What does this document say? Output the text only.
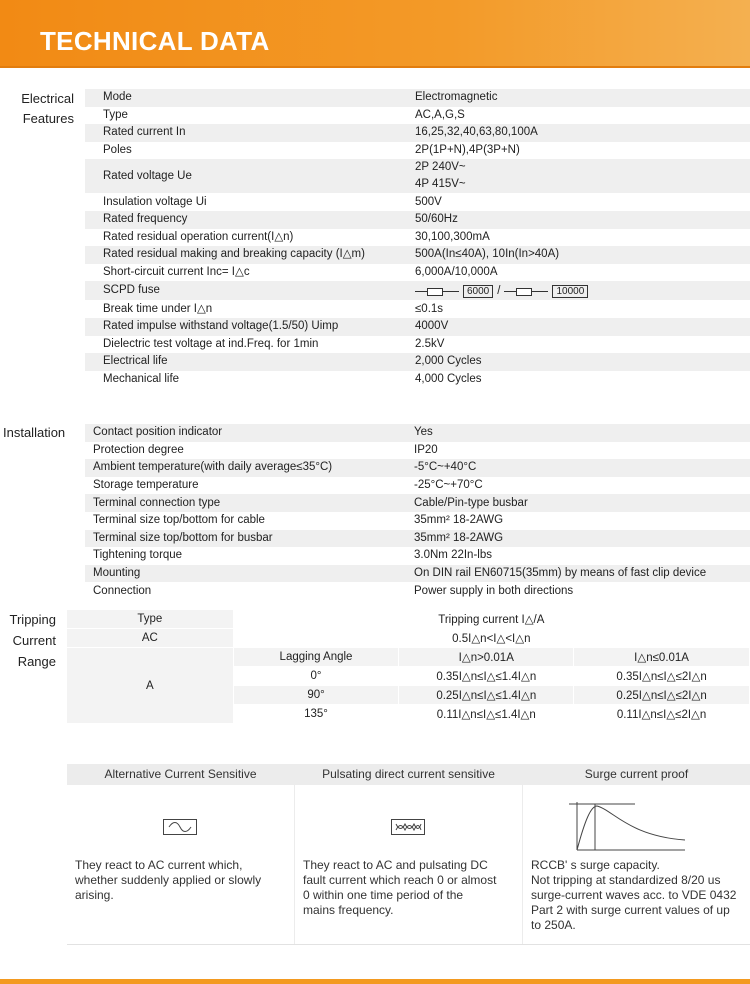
TECHNICAL DATA
Electrical
Features
Mode	Electromagnetic
Type	AC,A,G,S
Rated current In	16,25,32,40,63,80,100A
Poles	2P(1P+N),4P(3P+N)
Rated voltage Ue	2P 240V~
4P 415V~

Insulation voltage Ui	500V
Rated frequency	50/60Hz
Rated residual operation current(I△n)	30,100,300mA
Rated residual making and breaking capacity (I△m)	500A(In≤40A), 10In(In>40A)
Short-circuit current Inc= I△c	6,000A/10,000A
SCPD fuse	6000 / 10000

Break time under I△n	≤0.1s
Rated impulse withstand voltage(1.5/50) Uimp	4000V
Dielectric test voltage at ind.Freq. for 1min	2.5kV
Electrical life	2,000 Cycles
Mechanical life	4,000 Cycles
Installation Contact position indicator	Yes
Protection degree	IP20
Ambient temperature(with daily average≤35°C)	-5°C~+40°C
Storage temperature	-25°C~+70°C
Terminal connection type	Cable/Pin-type busbar
Terminal size top/bottom for cable	35mm² 18-2AWG
Terminal size top/bottom for busbar	35mm² 18-2AWG
Tightening torque	3.0Nm 22In-lbs
Mounting	On DIN rail EN60715(35mm) by means of fast clip device
Connection	Power supply in both directions
Tripping
Current
Range
Type	Tripping current I△/A		
AC	0.5I△n<I△<I△n		
A	Lagging Angle	I△n>0.01A	I△n≤0.01A
	0°	0.35I△n≤I△≤1.4I△n	0.35I△n≤I△≤2I△n
	90°	0.25I△n≤I△≤1.4I△n	0.25I△n≤I△≤2I△n
	135°	0.11I△n≤I△≤1.4I△n	0.11I△n≤I△≤2I△n
Alternative Current Sensitive
They react to AC current which,
whether suddenly applied or slowly
arising.
Pulsating direct current sensitive
They react to AC and pulsating DC
fault current which reach 0 or almost
0 within one time period of the
mains frequency.
Surge current proof
RCCB' s surge capacity.
Not tripping at standardized 8/20 us
surge-current waves acc. to VDE 0432
Part 2 with surge current values of up
to 250A.
